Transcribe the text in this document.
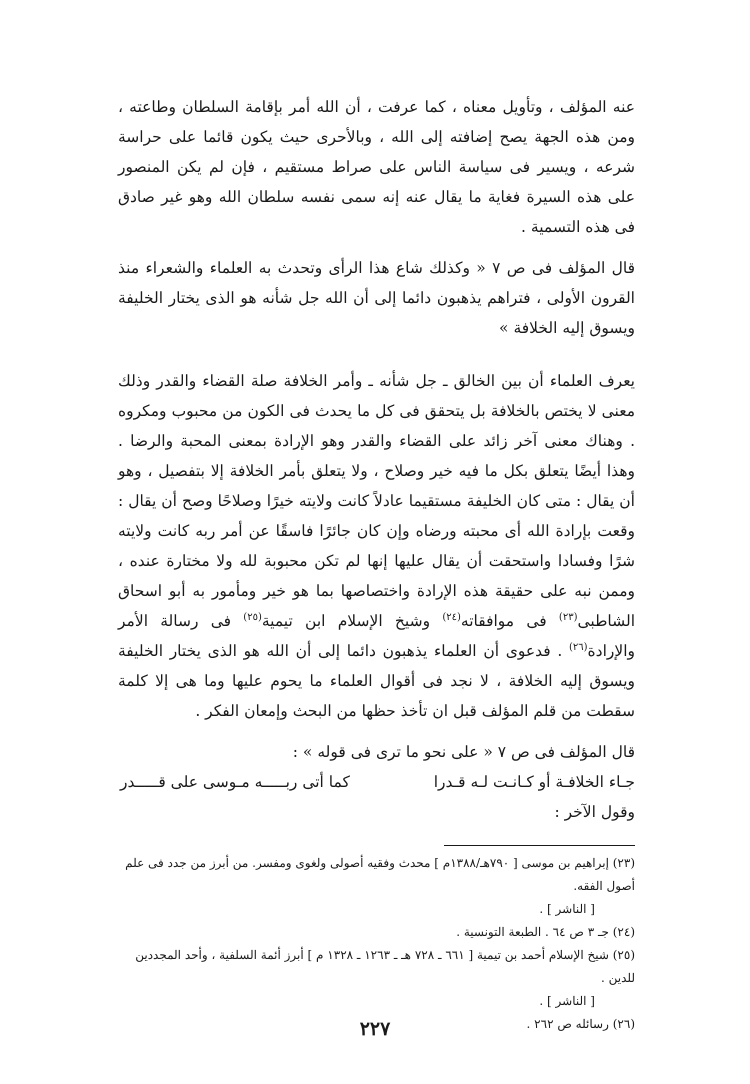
عنه المؤلف ، وتأويل معناه ، كما عرفت ، أن الله أمر بإقامة السلطان وطاعته ، ومن هذه الجهة يصح إضافته إلى الله ، وبالأحرى حيث يكون قائما على حراسة شرعه ، ويسير فى سياسة الناس على صراط مستقيم ، فإن لم يكن المنصور على هذه السيرة فغاية ما يقال عنه إنه سمى نفسه سلطان الله وهو غير صادق فى هذه التسمية .

قال المؤلف فى ص ٧ « وكذلك شاع هذا الرأى وتحدث به العلماء والشعراء منذ القرون الأولى ، فتراهم يذهبون دائما إلى أن الله جل شأنه هو الذى يختار الخليفة ويسوق إليه الخلافة »

يعرف العلماء أن بين الخالق ـ جل شأنه ـ وأمر الخلافة صلة القضاء والقدر وذلك معنى لا يختص بالخلافة بل يتحقق فى كل ما يحدث فى الكون من محبوب ومكروه . وهناك معنى آخر زائد على القضاء والقدر وهو الإرادة بمعنى المحبة والرضا . وهذا أيضًا يتعلق بكل ما فيه خير وصلاح ، ولا يتعلق بأمر الخلافة إلا بتفصيل ، وهو أن يقال : متى كان الخليفة مستقيما عادلاً كانت ولايته خيرًا وصلاحًا وصح أن يقال : وقعت بإرادة الله أى محبته ورضاه وإن كان جائرًا فاسقًا عن أمر ربه كانت ولايته شرًا وفسادا واستحقت أن يقال عليها إنها لم تكن محبوبة لله ولا مختارة عنده ، وممن نبه على حقيقة هذه الإرادة واختصاصها بما هو خير ومأمور به أبو اسحاق الشاطبى$^{(٢٣)}$ فى موافقاته$^{(٢٤)}$ وشيخ الإسلام ابن تيمية$^{(٢٥)}$ فى رسالة الأمر والإرادة$^{(٢٦)}$ . فدعوى أن العلماء يذهبون دائما إلى أن الله هو الذى يختار الخليفة ويسوق إليه الخلافة ، لا نجد فى أقوال العلماء ما يحوم عليها وما هى إلا كلمة سقطت من قلم المؤلف قبل ان تأخذ حظها من البحث وإمعان الفكر .

قال المؤلف فى ص ٧ « على نحو ما ترى فى قوله » :

جـاء الخلافـة أو كـانـت لـه قـدرا
كما أتى ربـــــه مـوسى على قـــــدر

وقول الآخر :

(٢٣) إبراهيم بن موسى [ ٧٩٠هـ/١٣٨٨م ] محدث وفقيه أصولى ولغوى ومفسر. من أبرز من جدد فى علم أصول الفقه.
[ الناشر ] .

(٢٤) جـ ٣ ص ٦٤ . الطبعة التونسية .

(٢٥) شيخ الإسلام أحمد بن تيمية [ ٦٦١ ـ ٧٢٨ هـ ـ ١٢٦٣ ـ ١٣٢٨ م ] أبرز أئمة السلفية ، وأحد المجددين للدين .
[ الناشر ] .

(٢٦) رسائله ص ٢٦٢ .

٢٢٧
